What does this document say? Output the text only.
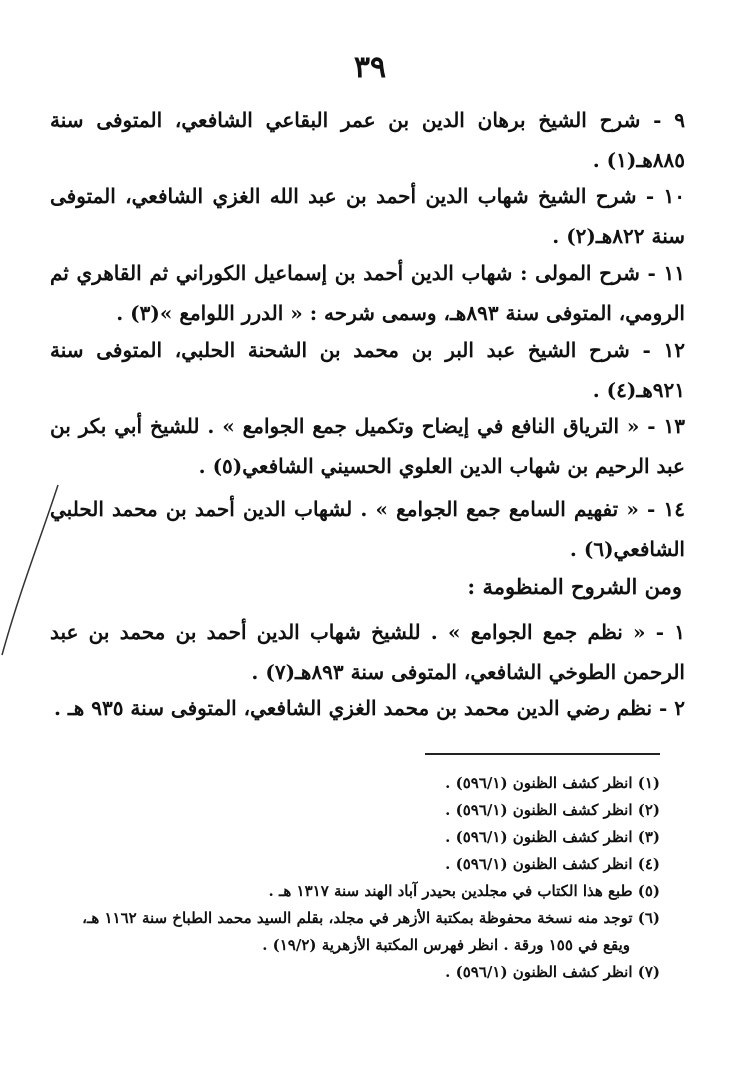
٣٩
٩ - شرح الشيخ برهان الدين بن عمر البقاعي الشافعي، المتوفى سنة ٨٨٥هـ(١) .
١٠ - شرح الشيخ شهاب الدين أحمد بن عبد الله الغزي الشافعي، المتوفى سنة ٨٢٢هـ(٢) .
١١ - شرح المولى : شهاب الدين أحمد بن إسماعيل الكوراني ثم القاهري ثم الرومي، المتوفى سنة ٨٩٣هـ، وسمى شرحه : « الدرر اللوامع »(٣) .
١٢ - شرح الشيخ عبد البر بن محمد بن الشحنة الحلبي، المتوفى سنة ٩٢١هـ(٤) .
١٣ - « الترياق النافع في إيضاح وتكميل جمع الجوامع » . للشيخ أبي بكر بن عبد الرحيم بن شهاب الدين العلوي الحسيني الشافعي(٥) .
١٤ - « تفهيم السامع جمع الجوامع » . لشهاب الدين أحمد بن محمد الحلبي الشافعي(٦) .
ومن الشروح المنظومة :
١ - « نظم جمع الجوامع » . للشيخ شهاب الدين أحمد بن محمد بن عبد الرحمن الطوخي الشافعي، المتوفى سنة ٨٩٣هـ(٧) .
٢ - نظم رضي الدين محمد بن محمد الغزي الشافعي، المتوفى سنة ٩٣٥ هـ .
(١) انظر كشف الظنون (٥٩٦/١) .
(٢) انظر كشف الظنون (٥٩٦/١) .
(٣) انظر كشف الظنون (٥٩٦/١) .
(٤) انظر كشف الظنون (٥٩٦/١) .
(٥) طبع هذا الكتاب في مجلدين بحيدر آباد الهند سنة ١٣١٧ هـ .
(٦) توجد منه نسخة محفوظة بمكتبة الأزهر في مجلد، بقلم السيد محمد الطباخ سنة ١١٦٢ هـ،
ويقع في ١٥٥ ورقة . انظر فهرس المكتبة الأزهرية (١٩/٢) .
(٧) انظر كشف الظنون (٥٩٦/١) .
